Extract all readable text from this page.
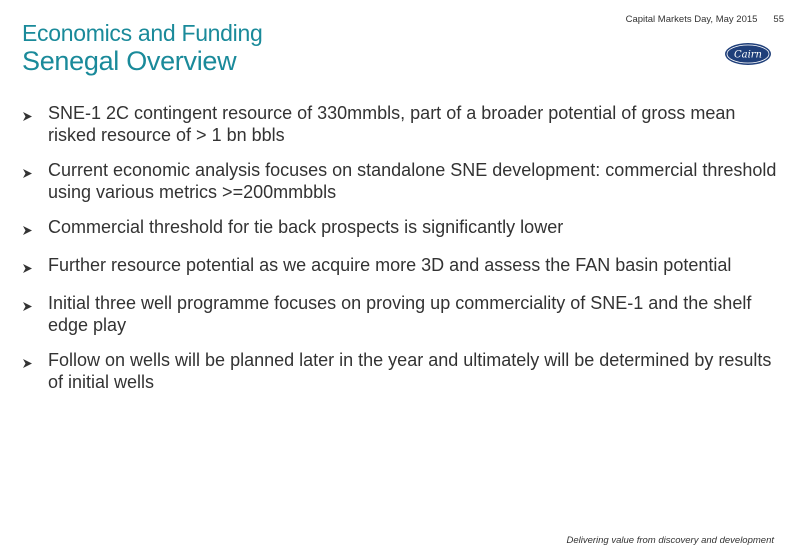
Economics and Funding
Senegal Overview
Capital Markets Day, May 2015 55
Cairn
SNE-1 2C contingent resource of 330mmbls, part of a broader potential of gross mean risked resource of > 1 bn bbls
Current economic analysis focuses on standalone SNE development: commercial threshold using various metrics >=200mmbbls
Commercial threshold for tie back prospects is significantly lower
Further resource potential as we acquire more 3D and assess the FAN basin potential
Initial three well programme focuses on proving up commerciality of SNE-1 and the shelf edge play
Follow on wells will be planned later in the year and ultimately will be determined by results of initial wells
Delivering value from discovery and development
